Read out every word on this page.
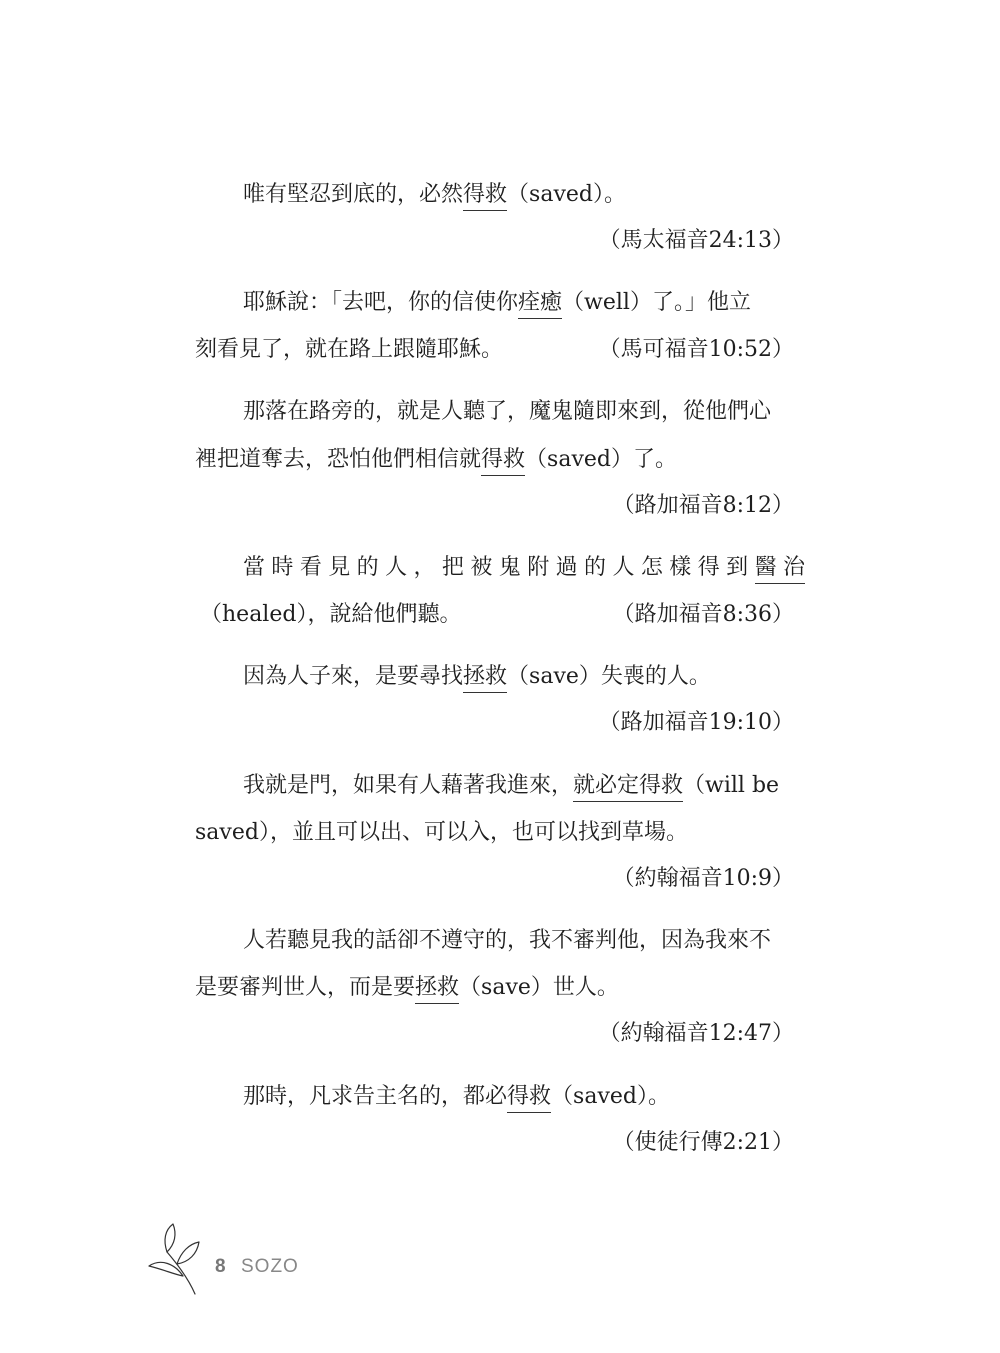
唯有堅忍到底的，必然得救（saved）。
（馬太福音24:13）
耶穌說：「去吧，你的信使你痊癒（well）了。」他立
刻看見了，就在路上跟隨耶穌。	（馬可福音10:52）
那落在路旁的，就是人聽了，魔鬼隨即來到，從他們心
裡把道奪去，恐怕他們相信就得救（saved）了。
（路加福音8:12）
當時看見的人，把被鬼附過的人怎樣得到醫治
（healed），說給他們聽。	（路加福音8:36）
因為人子來，是要尋找拯救（save）失喪的人。
（路加福音19:10）
我就是門，如果有人藉著我進來，就必定得救（will be
saved），並且可以出、可以入，也可以找到草場。
（約翰福音10:9）
人若聽見我的話卻不遵守的，我不審判他，因為我來不
是要審判世人，而是要拯救（save）世人。
（約翰福音12:47）
那時，凡求告主名的，都必得救（saved）。
（使徒行傳2:21）
8 SOZO
